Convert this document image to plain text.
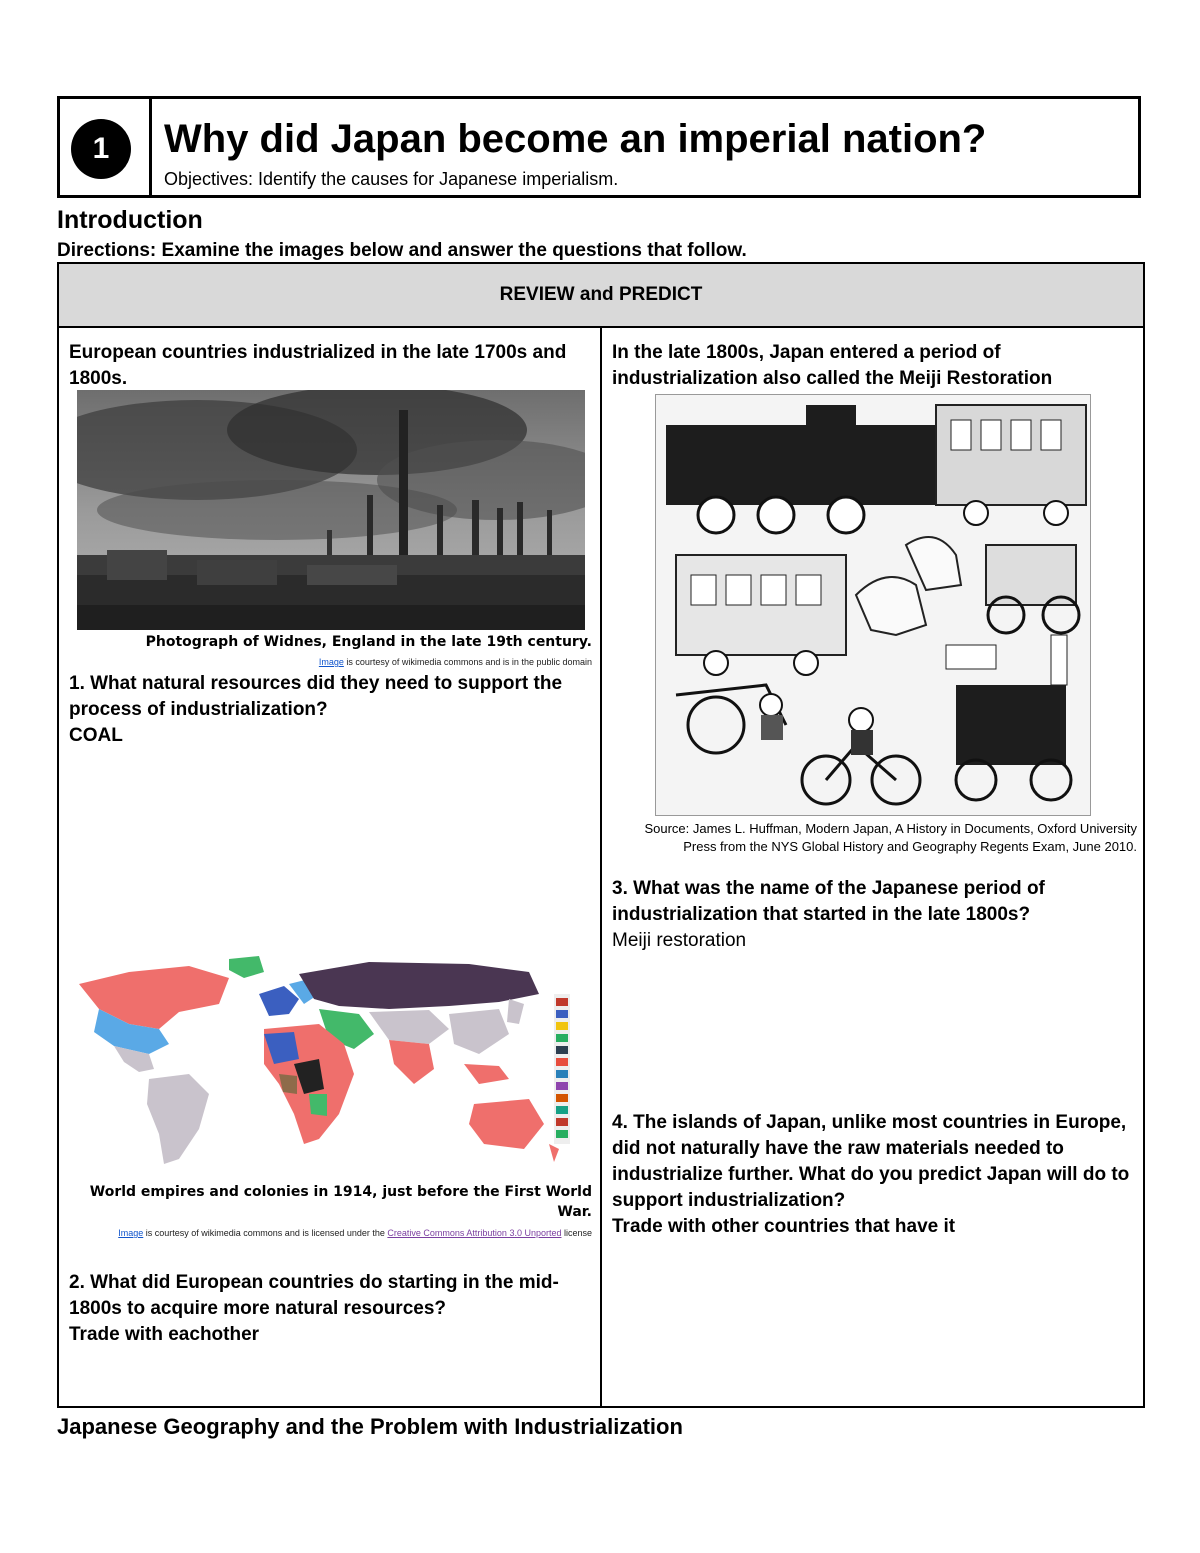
1	Why did Japan become an imperial nation?
Objectives: Identify the causes for Japanese imperialism.
Introduction
Directions: Examine the images below and answer the questions that follow.
REVIEW and PREDICT
European countries industrialized in the late 1700s and 1800s.
Photograph of Widnes, England in the late 19th century.
Image is courtesy of wikimedia commons and is in the public domain
1. What natural resources did they need to support the process of industrialization?
COAL
World empires and colonies in 1914, just before the First World War.
Image is courtesy of wikimedia commons and is licensed under the Creative Commons Attribution 3.0 Unported license
2. What did European countries do starting in the mid-1800s to acquire more natural resources?
Trade with eachother
In the late 1800s, Japan entered a period of industrialization also called the Meiji Restoration
Source: James L. Huffman, Modern Japan, A History in Documents, Oxford University Press from the NYS Global History and Geography Regents Exam, June 2010.
3. What was the name of the Japanese period of industrialization that started in the late 1800s?
Meiji restoration
4. The islands of Japan, unlike most countries in Europe, did not naturally have the raw materials needed to industrialize further. What do you predict Japan will do to support industrialization?
Trade with other countries that have it
Japanese Geography and the Problem with Industrialization
